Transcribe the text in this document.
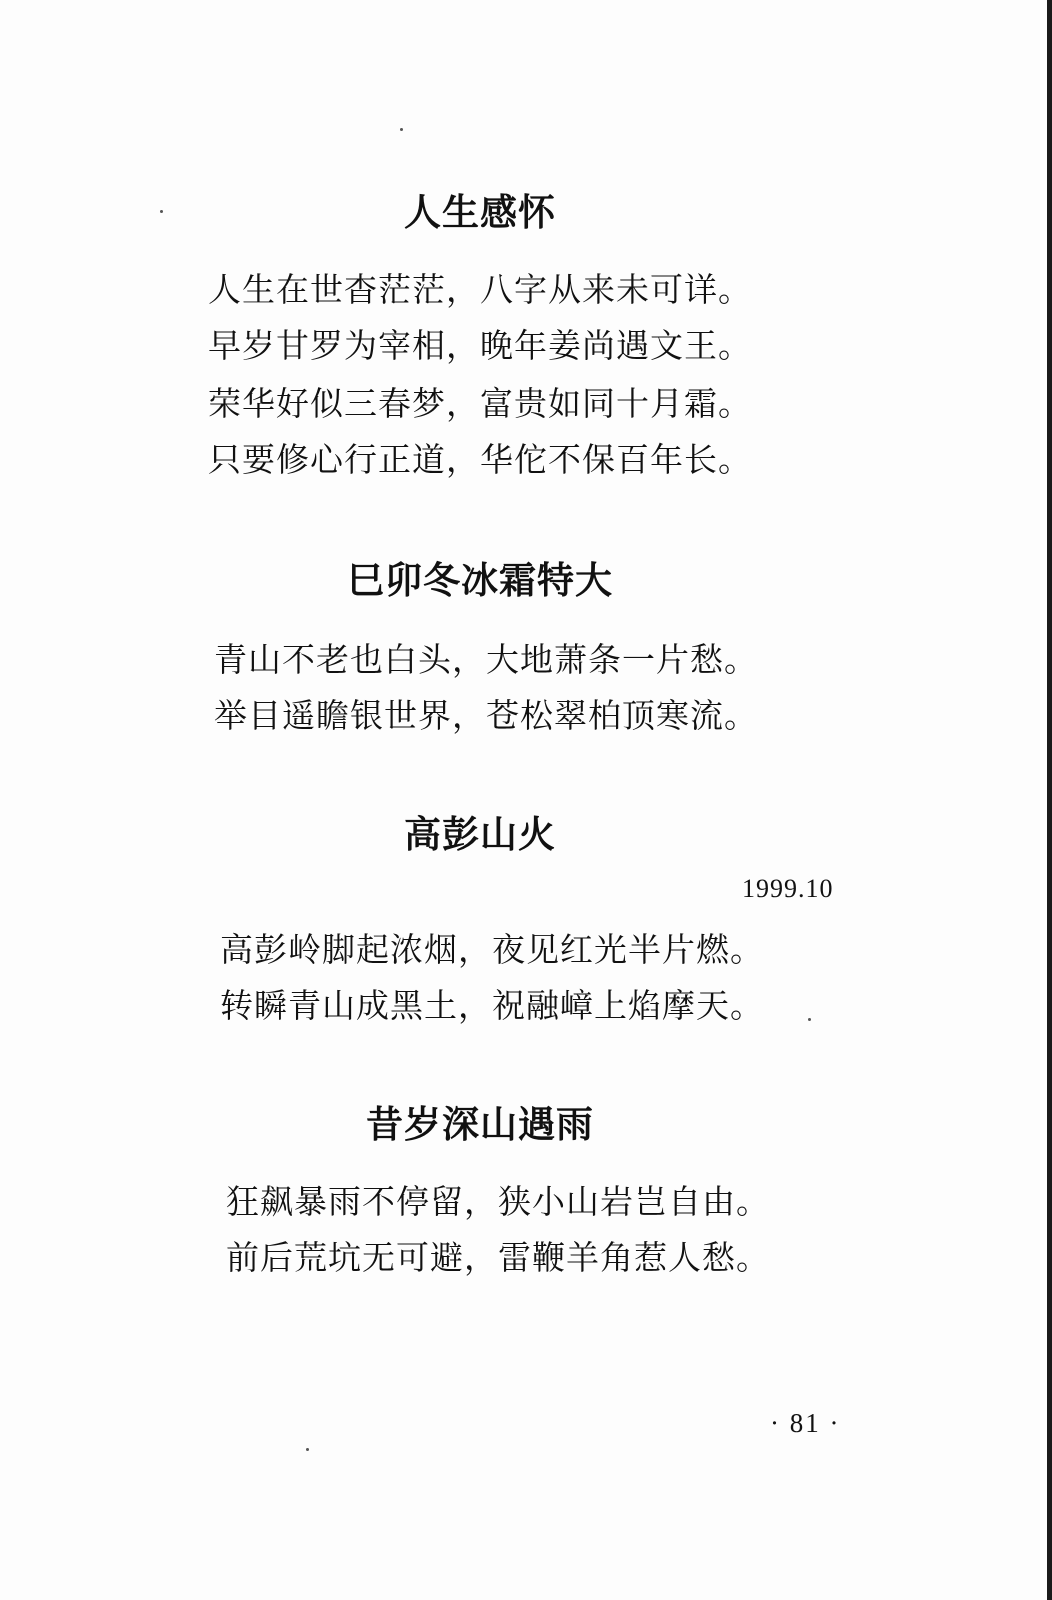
人生感怀

人生在世杳茫茫，八字从来未可详。

早岁甘罗为宰相，晚年姜尚遇文王。

荣华好似三春梦，富贵如同十月霜。

只要修心行正道，华佗不保百年长。

巳卯冬冰霜特大

青山不老也白头，大地萧条一片愁。

举目遥瞻银世界，苍松翠柏顶寒流。

高彭山火
1999.10

高彭岭脚起浓烟，夜见红光半片燃。

转瞬青山成黑土，祝融嶂上焰摩天。

昔岁深山遇雨

狂飙暴雨不停留，狭小山岩岂自由。

前后荒坑无可避，雷鞭羊角惹人愁。

· 81 ·
